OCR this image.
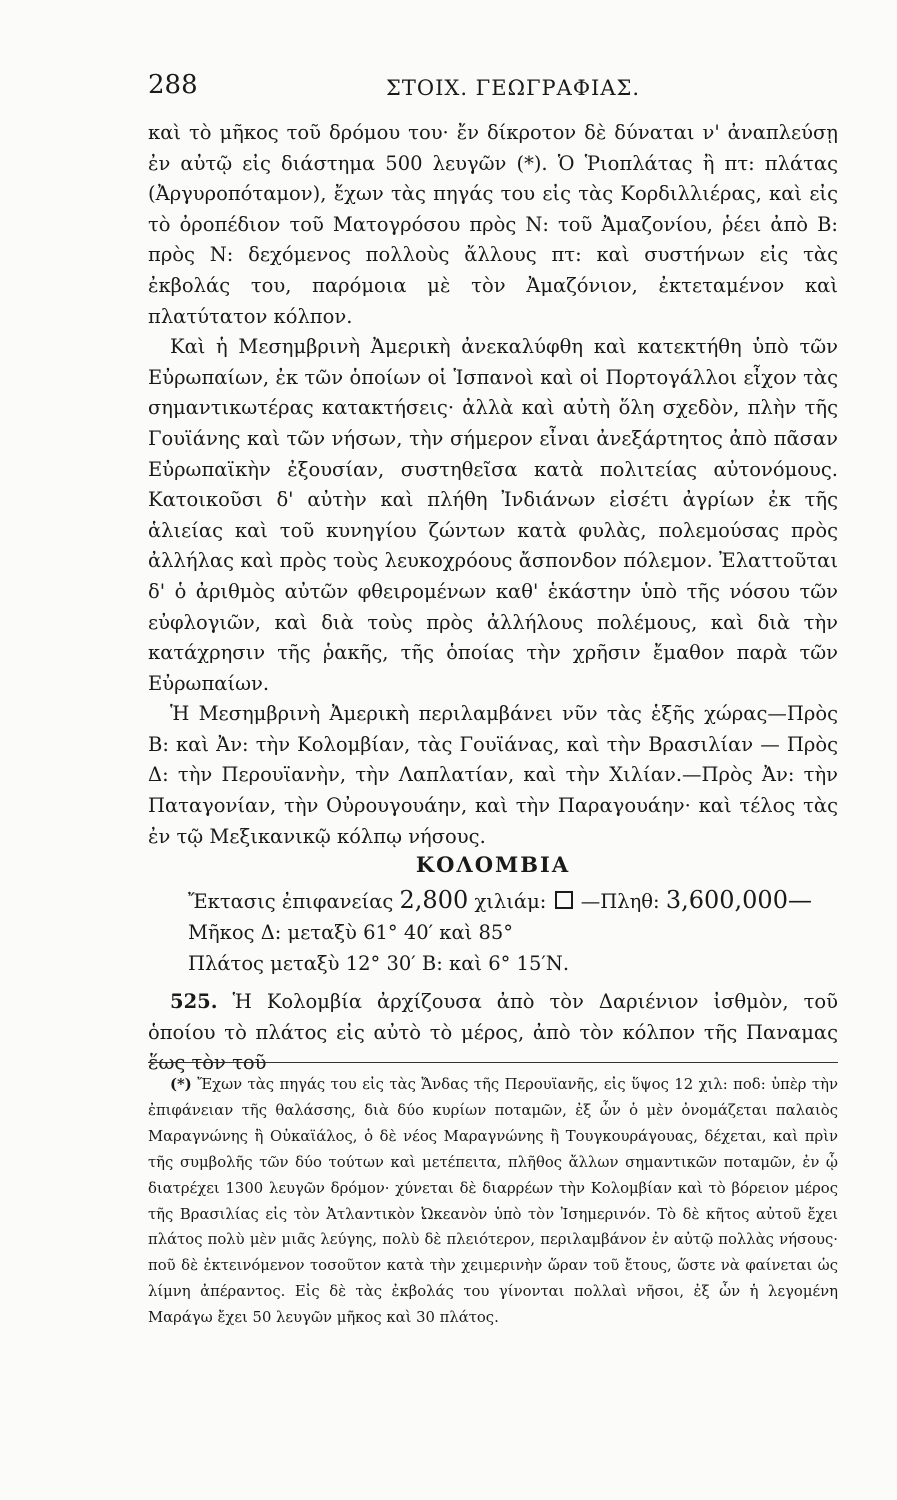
288	ΣΤΟΙΧ. ΓΕΩΓΡΑΦΙΑΣ.

καὶ τὸ μῆκος τοῦ δρόμου του· ἔν δίκροτον δὲ δύναται ν' ἀναπλεύσῃ ἐν αὐτῷ εἰς διάστημα 500 λευγῶν (*). Ὁ Ῥιοπλάτας ἢ πτ: πλάτας (Ἀργυροπόταμον), ἔχων τὰς πηγάς του εἰς τὰς Κορδιλλιέρας, καὶ εἰς τὸ ὀροπέδιον τοῦ Ματογρόσου πρὸς Ν: τοῦ Ἀμαζονίου, ῥέει ἀπὸ Β: πρὸς Ν: δεχόμενος πολλοὺς ἄλλους πτ: καὶ συστήνων εἰς τὰς ἐκβολάς του, παρόμοια μὲ τὸν Ἀμαζόνιον, ἐκτεταμένον καὶ πλατύτατον κόλπον.

Καὶ ἡ Μεσημβρινὴ Ἀμερικὴ ἀνεκαλύφθη καὶ κατεκτήθη ὑπὸ τῶν Εὐρωπαίων, ἐκ τῶν ὁποίων οἱ Ἱσπανοὶ καὶ οἱ Πορτογάλλοι εἶχον τὰς σημαντικωτέρας κατακτήσεις· ἀλλὰ καὶ αὐτὴ ὅλη σχεδὸν, πλὴν τῆς Γουϊάνης καὶ τῶν νήσων, τὴν σήμερον εἶναι ἀνεξάρτητος ἀπὸ πᾶσαν Εὐρωπαϊκὴν ἐξουσίαν, συστηθεῖσα κατὰ πολιτείας αὐτονόμους. Κατοικοῦσι δ' αὐτὴν καὶ πλήθη Ἰνδιάνων εἰσέτι ἀγρίων ἐκ τῆς ἁλιείας καὶ τοῦ κυνηγίου ζώντων κατὰ φυλὰς, πολεμούσας πρὸς ἀλλήλας καὶ πρὸς τοὺς λευκοχρόους ἄσπονδον πόλεμον. Ἐλαττοῦται δ' ὁ ἀριθμὸς αὐτῶν φθειρομένων καθ' ἑκάστην ὑπὸ τῆς νόσου τῶν εὐφλογιῶν, καὶ διὰ τοὺς πρὸς ἀλλήλους πολέμους, καὶ διὰ τὴν κατάχρησιν τῆς ῥακῆς, τῆς ὁποίας τὴν χρῆσιν ἔμαθον παρὰ τῶν Εὐρωπαίων.

Ἡ Μεσημβρινὴ Ἀμερικὴ περιλαμβάνει νῦν τὰς ἑξῆς χώρας—Πρὸς Β: καὶ Ἀν: τὴν Κολομβίαν, τὰς Γουϊάνας, καὶ τὴν Βρασιλίαν — Πρὸς Δ: τὴν Περουϊανὴν, τὴν Λαπλατίαν, καὶ τὴν Χιλίαν.—Πρὸς Ἀν: τὴν Παταγονίαν, τὴν Οὐρουγουάην, καὶ τὴν Παραγουάην· καὶ τέλος τὰς ἐν τῷ Μεξικανικῷ κόλπῳ νήσους.

ΚΟΛΟΜΒΙΑ
Ἔκτασις ἐπιφανείας 2,800 χιλιάμ: —Πληθ: 3,600,000—
Μῆκος Δ: μεταξὺ 61° 40′ καὶ 85°
Πλάτος μεταξὺ 12° 30′ Β: καὶ 6° 15′Ν.

525. Ἡ Κολομβία ἀρχίζουσα ἀπὸ τὸν Δαριένιον ἰσθμὸν, τοῦ ὁποίου τὸ πλάτος εἰς αὐτὸ τὸ μέρος, ἀπὸ τὸν κόλπον τῆς Παναμας ἕως τὸν τοῦ

(*) Ἔχων τὰς πηγάς του εἰς τὰς Ἄνδας τῆς Περουϊανῆς, εἰς ὕψος 12 χιλ: ποδ: ὑπὲρ τὴν ἐπιφάνειαν τῆς θαλάσσης, διὰ δύο κυρίων ποταμῶν, ἐξ ὧν ὁ μὲν ὀνομάζεται παλαιὸς Μαραγνώνης ἢ Οὐκαϊάλος, ὁ δὲ νέος Μαραγνώνης ἢ Τουγκουράγουας, δέχεται, καὶ πρὶν τῆς συμβολῆς τῶν δύο τούτων καὶ μετέπειτα, πλῆθος ἄλλων σημαντικῶν ποταμῶν, ἐν ᾧ διατρέχει 1300 λευγῶν δρόμον· χύνεται δὲ διαρρέων τὴν Κολομβίαν καὶ τὸ βόρειον μέρος τῆς Βρασιλίας εἰς τὸν Ἀτλαντικὸν Ὠκεανὸν ὑπὸ τὸν Ἰσημερινόν. Τὸ δὲ κῆτος αὐτοῦ ἔχει πλάτος πολὺ μὲν μιᾶς λεύγης, πολὺ δὲ πλειότερον, περιλαμβάνον ἐν αὐτῷ πολλὰς νήσους· ποῦ δὲ ἐκτεινόμενον τοσοῦτον κατὰ τὴν χειμερινὴν ὥραν τοῦ ἔτους, ὥστε νὰ φαίνεται ὡς λίμνη ἀπέραντος. Εἰς δὲ τὰς ἐκβολάς του γίνονται πολλαὶ νῆσοι, ἐξ ὧν ἡ λεγομένη Μαράγω ἔχει 50 λευγῶν μῆκος καὶ 30 πλάτος.
